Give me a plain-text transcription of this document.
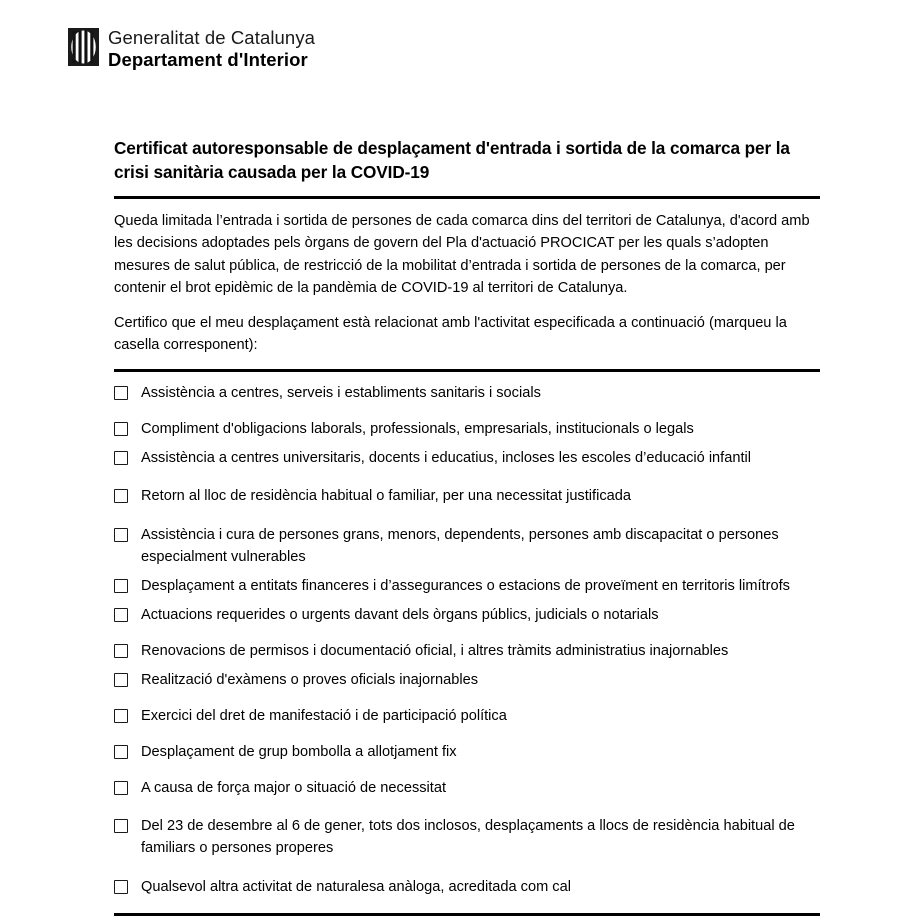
Generalitat de Catalunya
Departament d'Interior
Certificat autoresponsable de desplaçament d'entrada i sortida de la comarca per la crisi sanitària causada per la COVID-19

Queda limitada l’entrada i sortida de persones de cada comarca dins del territori de Catalunya, d'acord amb les decisions adoptades pels òrgans de govern del Pla d'actuació PROCICAT per les quals s’adopten mesures de salut pública, de restricció de la mobilitat d’entrada i sortida de persones de la comarca, per contenir el brot epidèmic de la pandèmia de COVID-19 al territori de Catalunya.

Certifico que el meu desplaçament està relacionat amb l'activitat especificada a continuació (marqueu la casella corresponent):

Assistència a centres, serveis i establiments sanitaris i socials
Compliment d'obligacions laborals, professionals, empresarials, institucionals o legals
Assistència a centres universitaris, docents i educatius, incloses les escoles d’educació infantil
Retorn al lloc de residència habitual o familiar, per una necessitat justificada
Assistència i cura de persones grans, menors, dependents, persones amb discapacitat o persones especialment vulnerables
Desplaçament a entitats financeres i d’assegurances o estacions de proveïment en territoris limítrofs
Actuacions requerides o urgents davant dels òrgans públics, judicials o notarials
Renovacions de permisos i documentació oficial, i altres tràmits administratius inajornables
Realització d'exàmens o proves oficials inajornables
Exercici del dret de manifestació i de participació política
Desplaçament de grup bombolla a allotjament fix
A causa de força major o situació de necessitat
Del 23 de desembre al 6 de gener, tots dos inclosos, desplaçaments a llocs de residència habitual de familiars o persones properes
Qualsevol altra activitat de naturalesa anàloga, acreditada com cal
